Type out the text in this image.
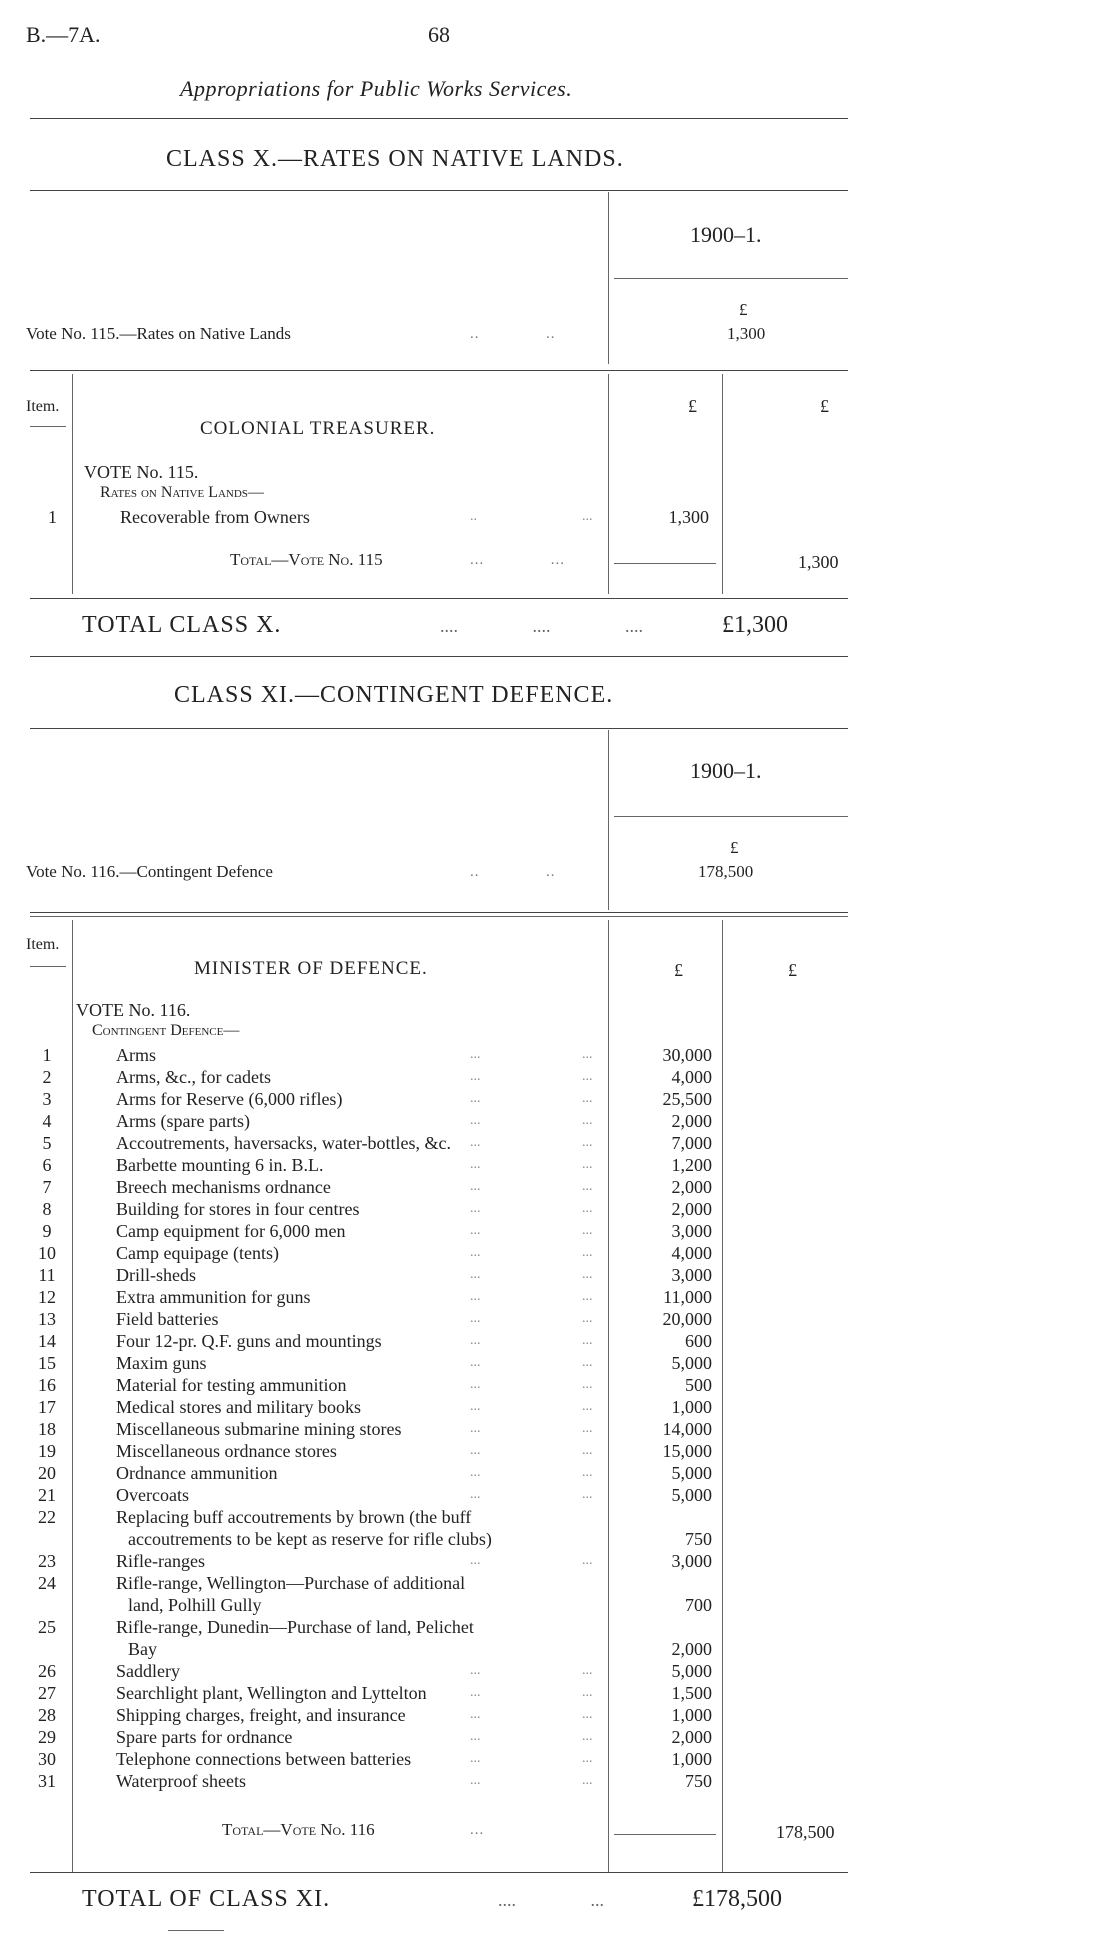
B.—7A.	68
Appropriations for Public Works Services.
CLASS X.—RATES ON NATIVE LANDS.
1900–1.
£
Vote No. 115.—Rates on Native Lands	..              ..	1,300
Item.	£	£
COLONIAL TREASURER.
VOTE No. 115.
Rates on Native Lands—
1	Recoverable from Owners	..	...	1,300
Total—Vote No. 115	...              ...	1,300
TOTAL CLASS X.	.... .... ....	£1,300
CLASS XI.—CONTINGENT DEFENCE.
1900–1.
£
Vote No. 116.—Contingent Defence	..              ..	178,500
Item.
MINISTER OF DEFENCE.	£	£
VOTE No. 116.
Contingent Defence—
1	Arms	...	...	30,000
2	Arms, &c., for cadets	...	...	4,000
3	Arms for Reserve (6,000 rifles)	...	...	25,500
4	Arms (spare parts)	...	...	2,000
5	Accoutrements, haversacks, water-bottles, &c. ...	...	7,000
6	Barbette mounting 6 in. B.L.	...	...	1,200
7	Breech mechanisms ordnance	...	...	2,000
8	Building for stores in four centres	...	...	2,000
9	Camp equipment for 6,000 men	...	...	3,000
10	Camp equipage (tents)	...	...	4,000
11	Drill-sheds	...	...	3,000
12	Extra ammunition for guns	...	...	11,000
13	Field batteries	...	...	20,000
14	Four 12-pr. Q.F. guns and mountings	...	...	600
15	Maxim guns	...	...	5,000
16	Material for testing ammunition	...	...	500
17	Medical stores and military books	...	...	1,000
18	Miscellaneous submarine mining stores	...	...	14,000
19	Miscellaneous ordnance stores	...	...	15,000
20	Ordnance ammunition	...	...	5,000
21	Overcoats	...	...	5,000
22	Replacing buff accoutrements by brown (the buff
accoutrements to be kept as reserve for rifle clubs)	750
23	Rifle-ranges	...	...	3,000
24	Rifle-range, Wellington—Purchase of additional
land, Polhill Gully	700
25	Rifle-range, Dunedin—Purchase of land, Pelichet
Bay	2,000
26	Saddlery	...	...	5,000
27	Searchlight plant, Wellington and Lyttelton	...	...	1,500
28	Shipping charges, freight, and insurance	...	...	1,000
29	Spare parts for ordnance	...	...	2,000
30	Telephone connections between batteries	...	...	1,000
31	Waterproof sheets	...	...	750
Total—Vote No. 116	...	178,500
TOTAL OF CLASS XI.	.... ...	£178,500
